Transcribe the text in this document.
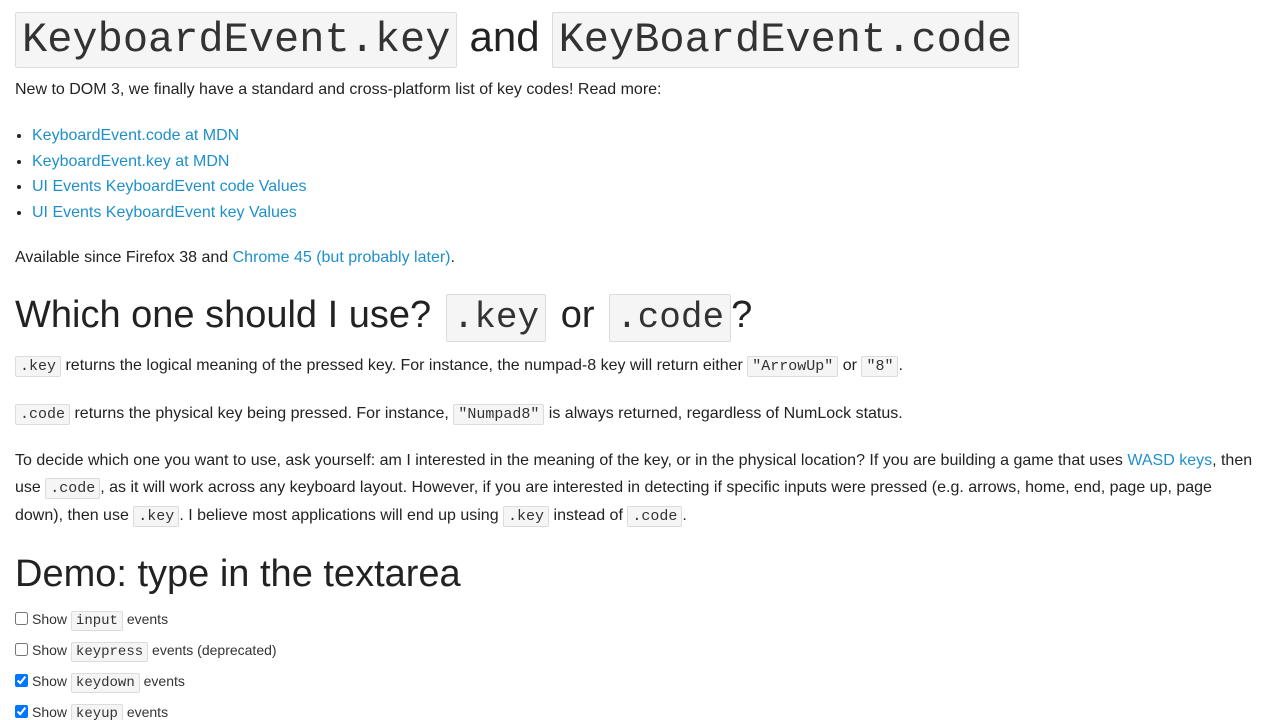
KeyboardEvent.key and KeyBoardEvent.code
New to DOM 3, we finally have a standard and cross-platform list of key codes! Read more:
• KeyboardEvent.code at MDN
• KeyboardEvent.key at MDN
• UI Events KeyboardEvent code Values
• UI Events KeyboardEvent key Values
Available since Firefox 38 and Chrome 45 (but probably later).
Which one should I use? .key or .code ?
.key returns the logical meaning of the pressed key. For instance, the numpad-8 key will return either "ArrowUp" or "8" .
.code returns the physical key being pressed. For instance, "Numpad8" is always returned, regardless of NumLock status.
To decide which one you want to use, ask yourself: am I interested in the meaning of the key, or in the physical location? If you are building a game that uses WASD keys, then use .code , as it will work across any keyboard layout. However, if you are interested in detecting if specific inputs were pressed (e.g. arrows, home, end, page up, page down), then use .key . I believe most applications will end up using .key instead of .code .
Demo: type in the textarea
Show input events
Show keypress events (deprecated)
Show keydown events
Show keyup events
